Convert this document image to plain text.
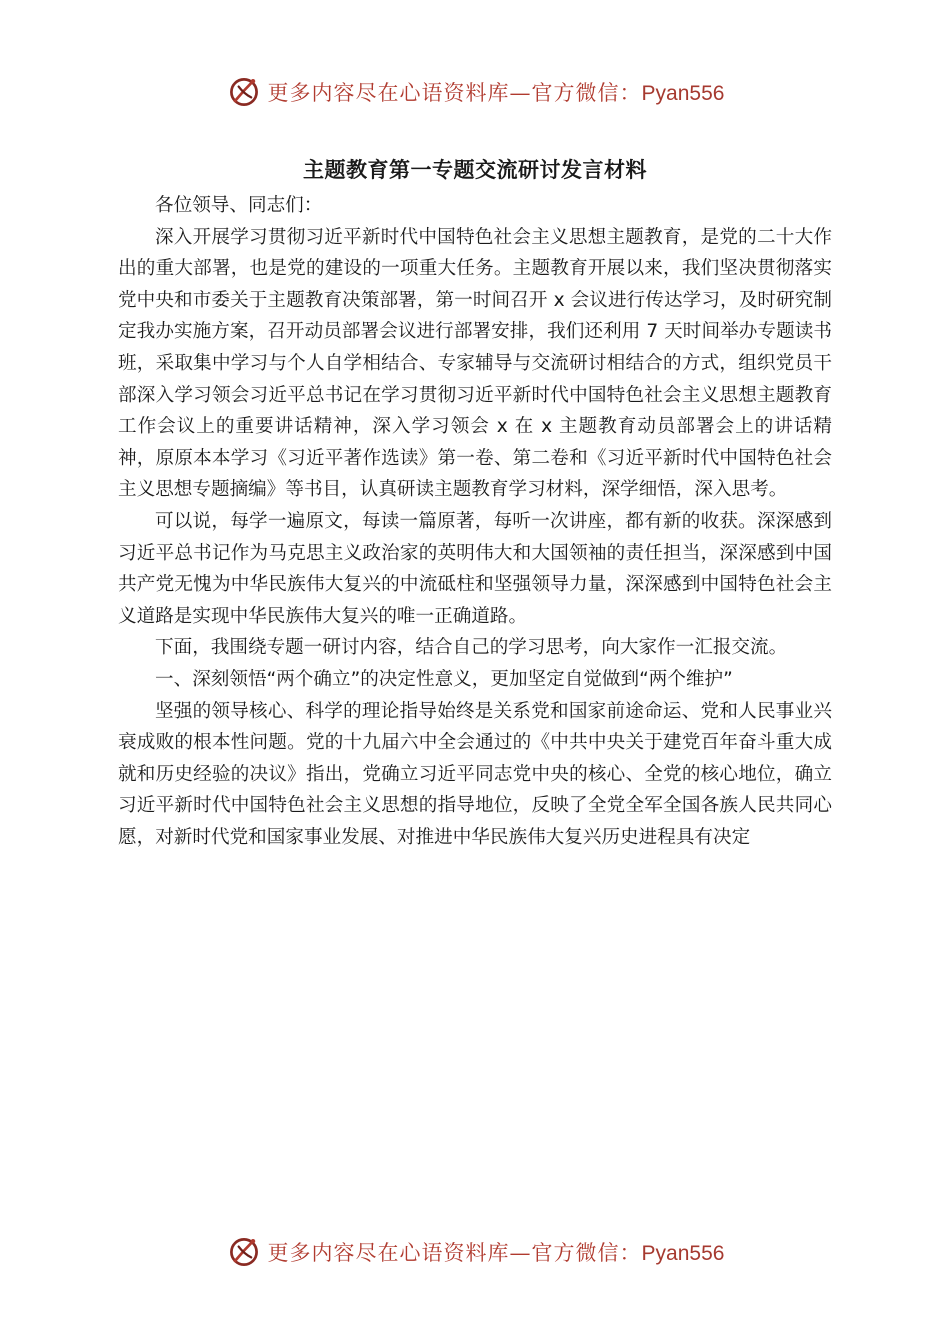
更多内容尽在心语资料库—官方微信：Pyan556
主题教育第一专题交流研讨发言材料

各位领导、同志们：

深入开展学习贯彻习近平新时代中国特色社会主义思想主题教育，是党的二十大作出的重大部署，也是党的建设的一项重大任务。主题教育开展以来，我们坚决贯彻落实党中央和市委关于主题教育决策部署，第一时间召开 x 会议进行传达学习，及时研究制定我办实施方案，召开动员部署会议进行部署安排，我们还利用 7 天时间举办专题读书班，采取集中学习与个人自学相结合、专家辅导与交流研讨相结合的方式，组织党员干部深入学习领会习近平总书记在学习贯彻习近平新时代中国特色社会主义思想主题教育工作会议上的重要讲话精神，深入学习领会 x 在 x 主题教育动员部署会上的讲话精神，原原本本学习《习近平著作选读》第一卷、第二卷和《习近平新时代中国特色社会主义思想专题摘编》等书目，认真研读主题教育学习材料，深学细悟，深入思考。

可以说，每学一遍原文，每读一篇原著，每听一次讲座，都有新的收获。深深感到习近平总书记作为马克思主义政治家的英明伟大和大国领袖的责任担当，深深感到中国共产党无愧为中华民族伟大复兴的中流砥柱和坚强领导力量，深深感到中国特色社会主义道路是实现中华民族伟大复兴的唯一正确道路。

下面，我围绕专题一研讨内容，结合自己的学习思考，向大家作一汇报交流。

一、深刻领悟“两个确立”的决定性意义，更加坚定自觉做到“两个维护”

坚强的领导核心、科学的理论指导始终是关系党和国家前途命运、党和人民事业兴衰成败的根本性问题。党的十九届六中全会通过的《中共中央关于建党百年奋斗重大成就和历史经验的决议》指出，党确立习近平同志党中央的核心、全党的核心地位，确立习近平新时代中国特色社会主义思想的指导地位，反映了全党全军全国各族人民共同心愿，对新时代党和国家事业发展、对推进中华民族伟大复兴历史进程具有决定

更多内容尽在心语资料库—官方微信：Pyan556
